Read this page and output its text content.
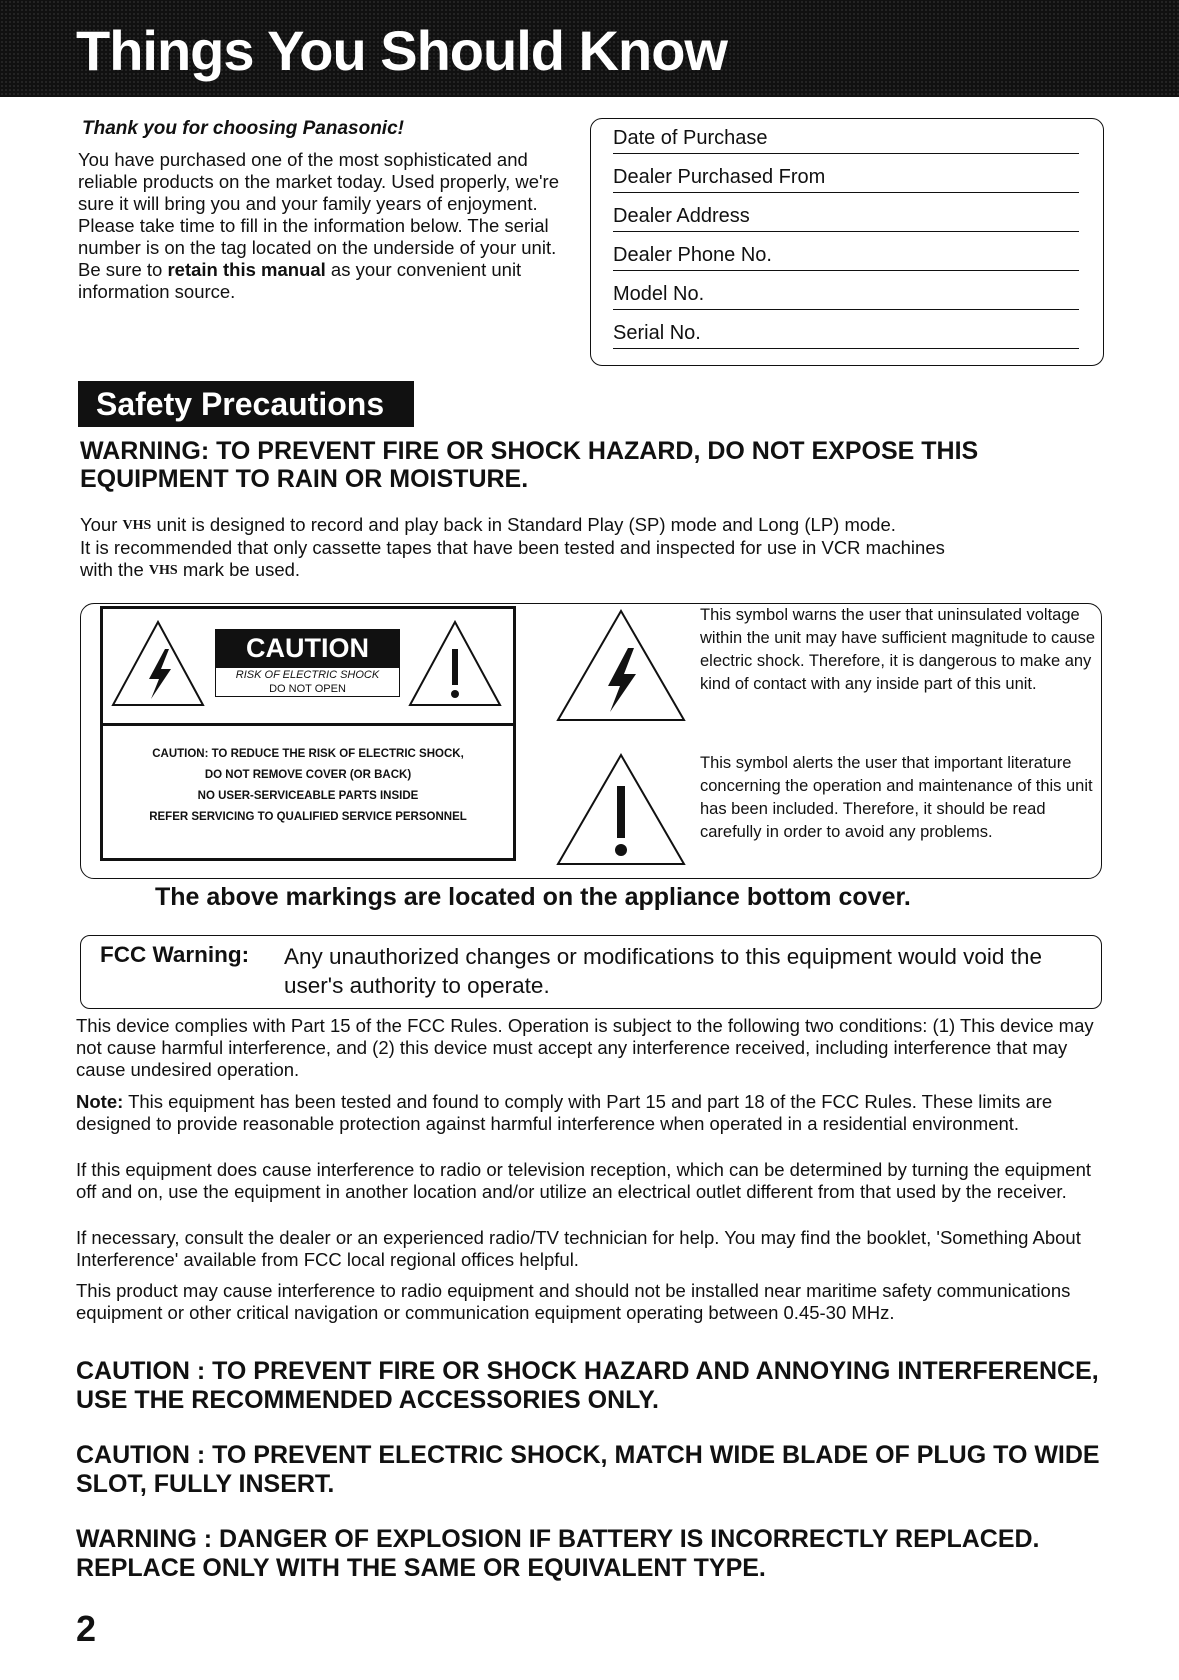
Things You Should Know
Thank you for choosing Panasonic!
You have purchased one of the most sophisticated and reliable products on the market today. Used properly, we're sure it will bring you and your family years of enjoyment. Please take time to fill in the information below. The serial number is on the tag located on the underside of your unit. Be sure to retain this manual as your convenient unit information source.
Date of Purchase
Dealer Purchased From
Dealer Address
Dealer Phone No.
Model No.
Serial No.
Safety Precautions
WARNING: TO PREVENT FIRE OR SHOCK HAZARD, DO NOT EXPOSE THIS EQUIPMENT TO RAIN OR MOISTURE.
Your VHS unit is designed to record and play back in Standard Play (SP) mode and Long (LP) mode.
It is recommended that only cassette tapes that have been tested and inspected for use in VCR machines
with the VHS mark be used.
CAUTION
RISK OF ELECTRIC SHOCK
DO NOT OPEN
CAUTION: TO REDUCE THE RISK OF ELECTRIC SHOCK,
DO NOT REMOVE COVER (OR BACK)
NO USER-SERVICEABLE PARTS INSIDE
REFER SERVICING TO QUALIFIED SERVICE PERSONNEL
This symbol warns the user that uninsulated voltage within the unit may have sufficient magnitude to cause electric shock. Therefore, it is dangerous to make any kind of contact with any inside part of this unit.
This symbol alerts the user that important literature concerning the operation and maintenance of this unit has been included. Therefore, it should be read carefully in order to avoid any problems.
The above markings are located on the appliance bottom cover.
FCC Warning: Any unauthorized changes or modifications to this equipment would void the user's authority to operate.
This device complies with Part 15 of the FCC Rules. Operation is subject to the following two conditions: (1) This device may not cause harmful interference, and (2) this device must accept any interference received, including interference that may cause undesired operation.
Note: This equipment has been tested and found to comply with Part 15 and part 18 of the FCC Rules. These limits are designed to provide reasonable protection against harmful interference when operated in a residential environment.
If this equipment does cause interference to radio or television reception, which can be determined by turning the equipment off and on, use the equipment in another location and/or utilize an electrical outlet different from that used by the receiver.
If necessary, consult the dealer or an experienced radio/TV technician for help. You may find the booklet, 'Something About Interference' available from FCC local regional offices helpful.
This product may cause interference to radio equipment and should not be installed near maritime safety communications equipment or other critical navigation or communication equipment operating between 0.45-30 MHz.
CAUTION : TO PREVENT FIRE OR SHOCK HAZARD AND ANNOYING INTERFERENCE, USE THE RECOMMENDED ACCESSORIES ONLY.
CAUTION : TO PREVENT ELECTRIC SHOCK, MATCH WIDE BLADE OF PLUG TO WIDE SLOT, FULLY INSERT.
WARNING : DANGER OF EXPLOSION IF BATTERY IS INCORRECTLY REPLACED. REPLACE ONLY WITH THE SAME OR EQUIVALENT TYPE.
2
